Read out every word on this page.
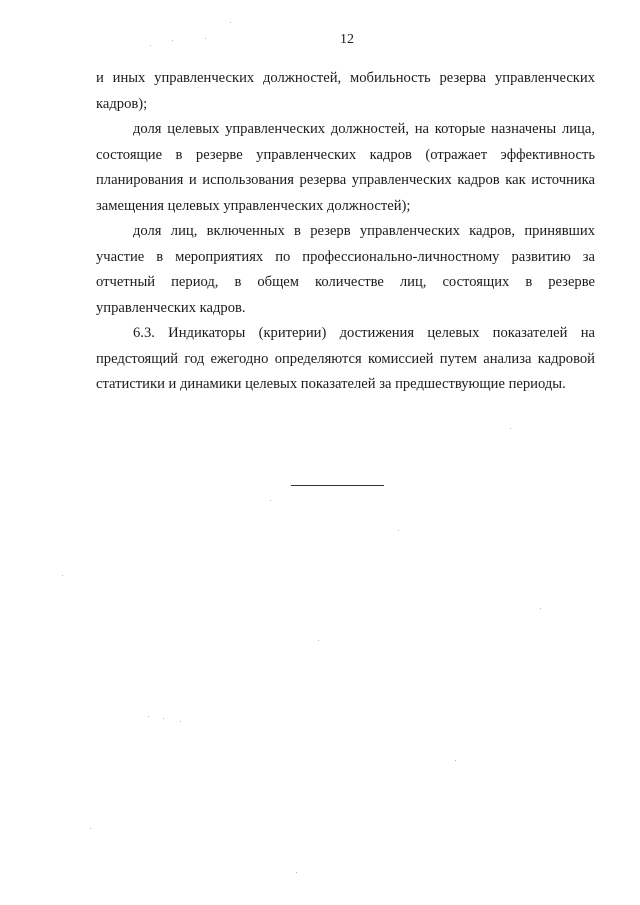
12

и иных управленческих должностей, мобильность резерва управленческих кадров);

доля целевых управленческих должностей, на которые назначены лица, состоящие в резерве управленческих кадров (отражает эффективность планирования и использования резерва управленческих кадров как источника замещения целевых управленческих должностей);

доля лиц, включенных в резерв управленческих кадров, принявших участие в мероприятиях по профессионально-личностному развитию за отчетный период, в общем количестве лиц, состоящих в резерве управленческих кадров.

6.3. Индикаторы (критерии) достижения целевых показателей на предстоящий год ежегодно определяются комиссией путем анализа кадровой статистики и динамики целевых показателей за предшествующие периоды.
